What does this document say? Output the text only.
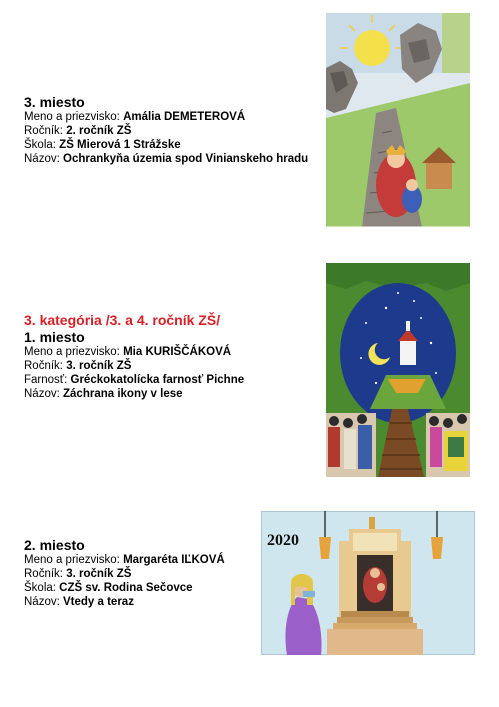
3. miesto

Meno a priezvisko: Amália DEMETEROVÁ
Ročník: 2. ročník ZŠ
Škola: ZŠ Mierová 1 Strážske
Názov: Ochrankyňa územia spod Vinianskeho hradu

3. kategória /3. a 4. ročník ZŠ/

1. miesto

Meno a priezvisko: Mia KURIŠČÁKOVÁ
Ročník: 3. ročník ZŠ
Farnosť: Gréckokatolícka farnosť Pichne
Názov: Záchrana ikony v lese

2. miesto

Meno a priezvisko: Margaréta IĽKOVÁ
Ročník: 3. ročník ZŠ
Škola: CZŠ sv. Rodina Sečovce
Názov: Vtedy a teraz
2020
